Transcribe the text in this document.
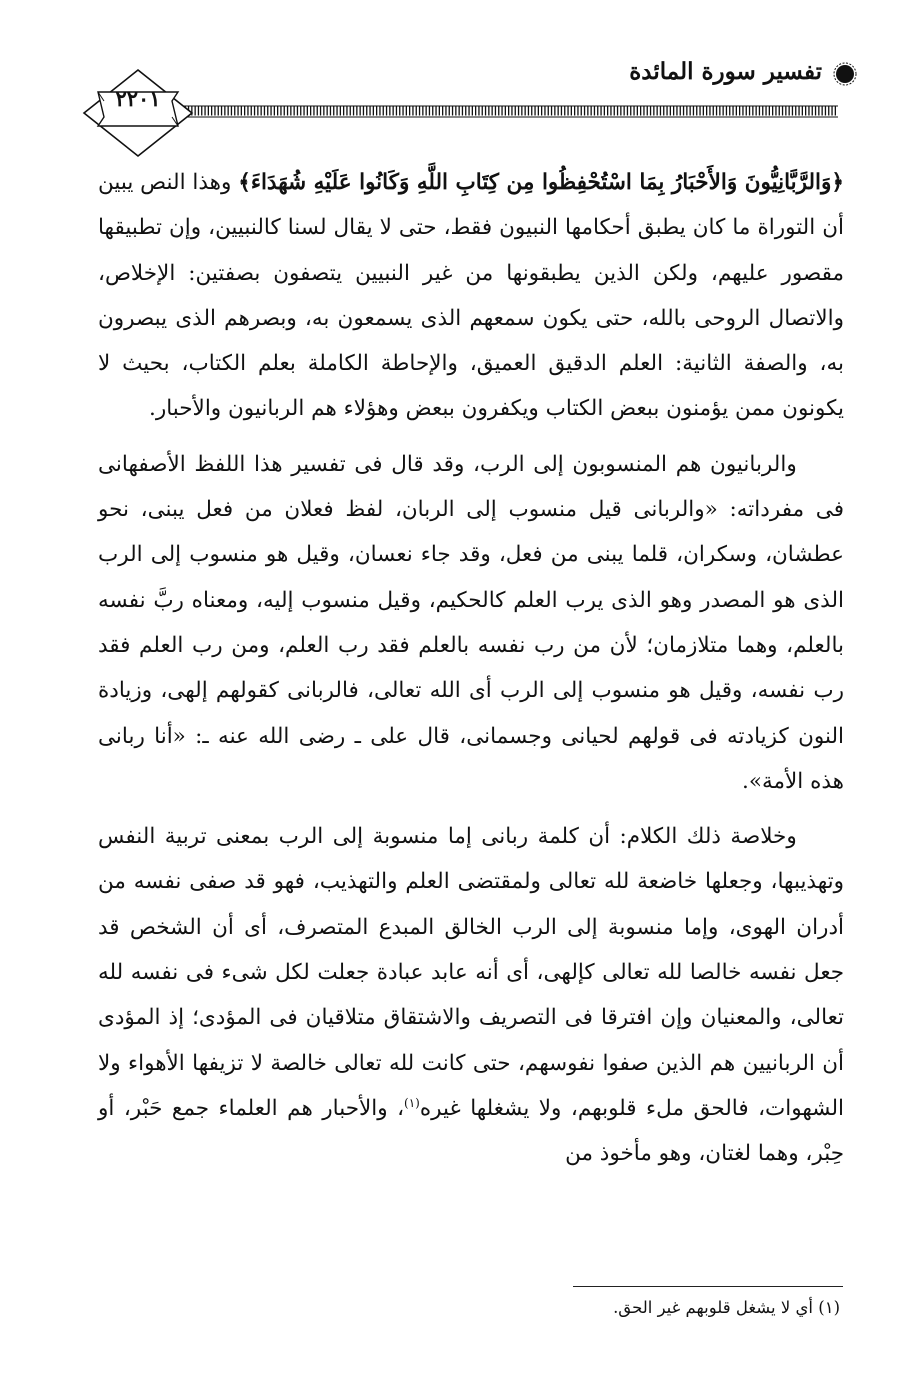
تفسير سورة المائدة
٢٢٠١

﴿وَالرَّبَّانِيُّونَ وَالأَحْبَارُ بِمَا اسْتُحْفِظُوا مِن كِتَابِ اللَّهِ وَكَانُوا عَلَيْهِ شُهَدَاءَ﴾ وهذا النص يبين أن التوراة ما كان يطبق أحكامها النبيون فقط، حتى لا يقال لسنا كالنبيين، وإن تطبيقها مقصور عليهم، ولكن الذين يطبقونها من غير النبيين يتصفون بصفتين: الإخلاص، والاتصال الروحى بالله، حتى يكون سمعهم الذى يسمعون به، وبصرهم الذى يبصرون به، والصفة الثانية: العلم الدقيق العميق، والإحاطة الكاملة بعلم الكتاب، بحيث لا يكونون ممن يؤمنون ببعض الكتاب ويكفرون ببعض وهؤلاء هم الربانيون والأحبار.

والربانيون هم المنسوبون إلى الرب، وقد قال فى تفسير هذا اللفظ الأصفهانى فى مفرداته: «والربانى قيل منسوب إلى الربان، لفظ فعلان من فعل يبنى، نحو عطشان، وسكران، قلما يبنى من فعل، وقد جاء نعسان، وقيل هو منسوب إلى الرب الذى هو المصدر وهو الذى يرب العلم كالحكيم، وقيل منسوب إليه، ومعناه ربَّ نفسه بالعلم، وهما متلازمان؛ لأن من رب نفسه بالعلم فقد رب العلم، ومن رب العلم فقد رب نفسه، وقيل هو منسوب إلى الرب أى الله تعالى، فالربانى كقولهم إلهى، وزيادة النون كزيادته فى قولهم لحيانى وجسمانى، قال على ـ رضى الله عنه ـ: «أنا ربانى هذه الأمة».

وخلاصة ذلك الكلام: أن كلمة ربانى إما منسوبة إلى الرب بمعنى تربية النفس وتهذيبها، وجعلها خاضعة لله تعالى ولمقتضى العلم والتهذيب، فهو قد صفى نفسه من أدران الهوى، وإما منسوبة إلى الرب الخالق المبدع المتصرف، أى أن الشخص قد جعل نفسه خالصا لله تعالى كإلهى، أى أنه عابد عبادة جعلت لكل شىء فى نفسه لله تعالى، والمعنيان وإن افترقا فى التصريف والاشتقاق متلاقيان فى المؤدى؛ إذ المؤدى أن الربانيين هم الذين صفوا نفوسهم، حتى كانت لله تعالى خالصة لا تزيفها الأهواء ولا الشهوات، فالحق ملء قلوبهم، ولا يشغلها غيره$^{(١)}$، والأحبار هم العلماء جمع حَبْر، أو حِبْر، وهما لغتان، وهو مأخوذ من

(١) أي لا يشغل قلوبهم غير الحق.
